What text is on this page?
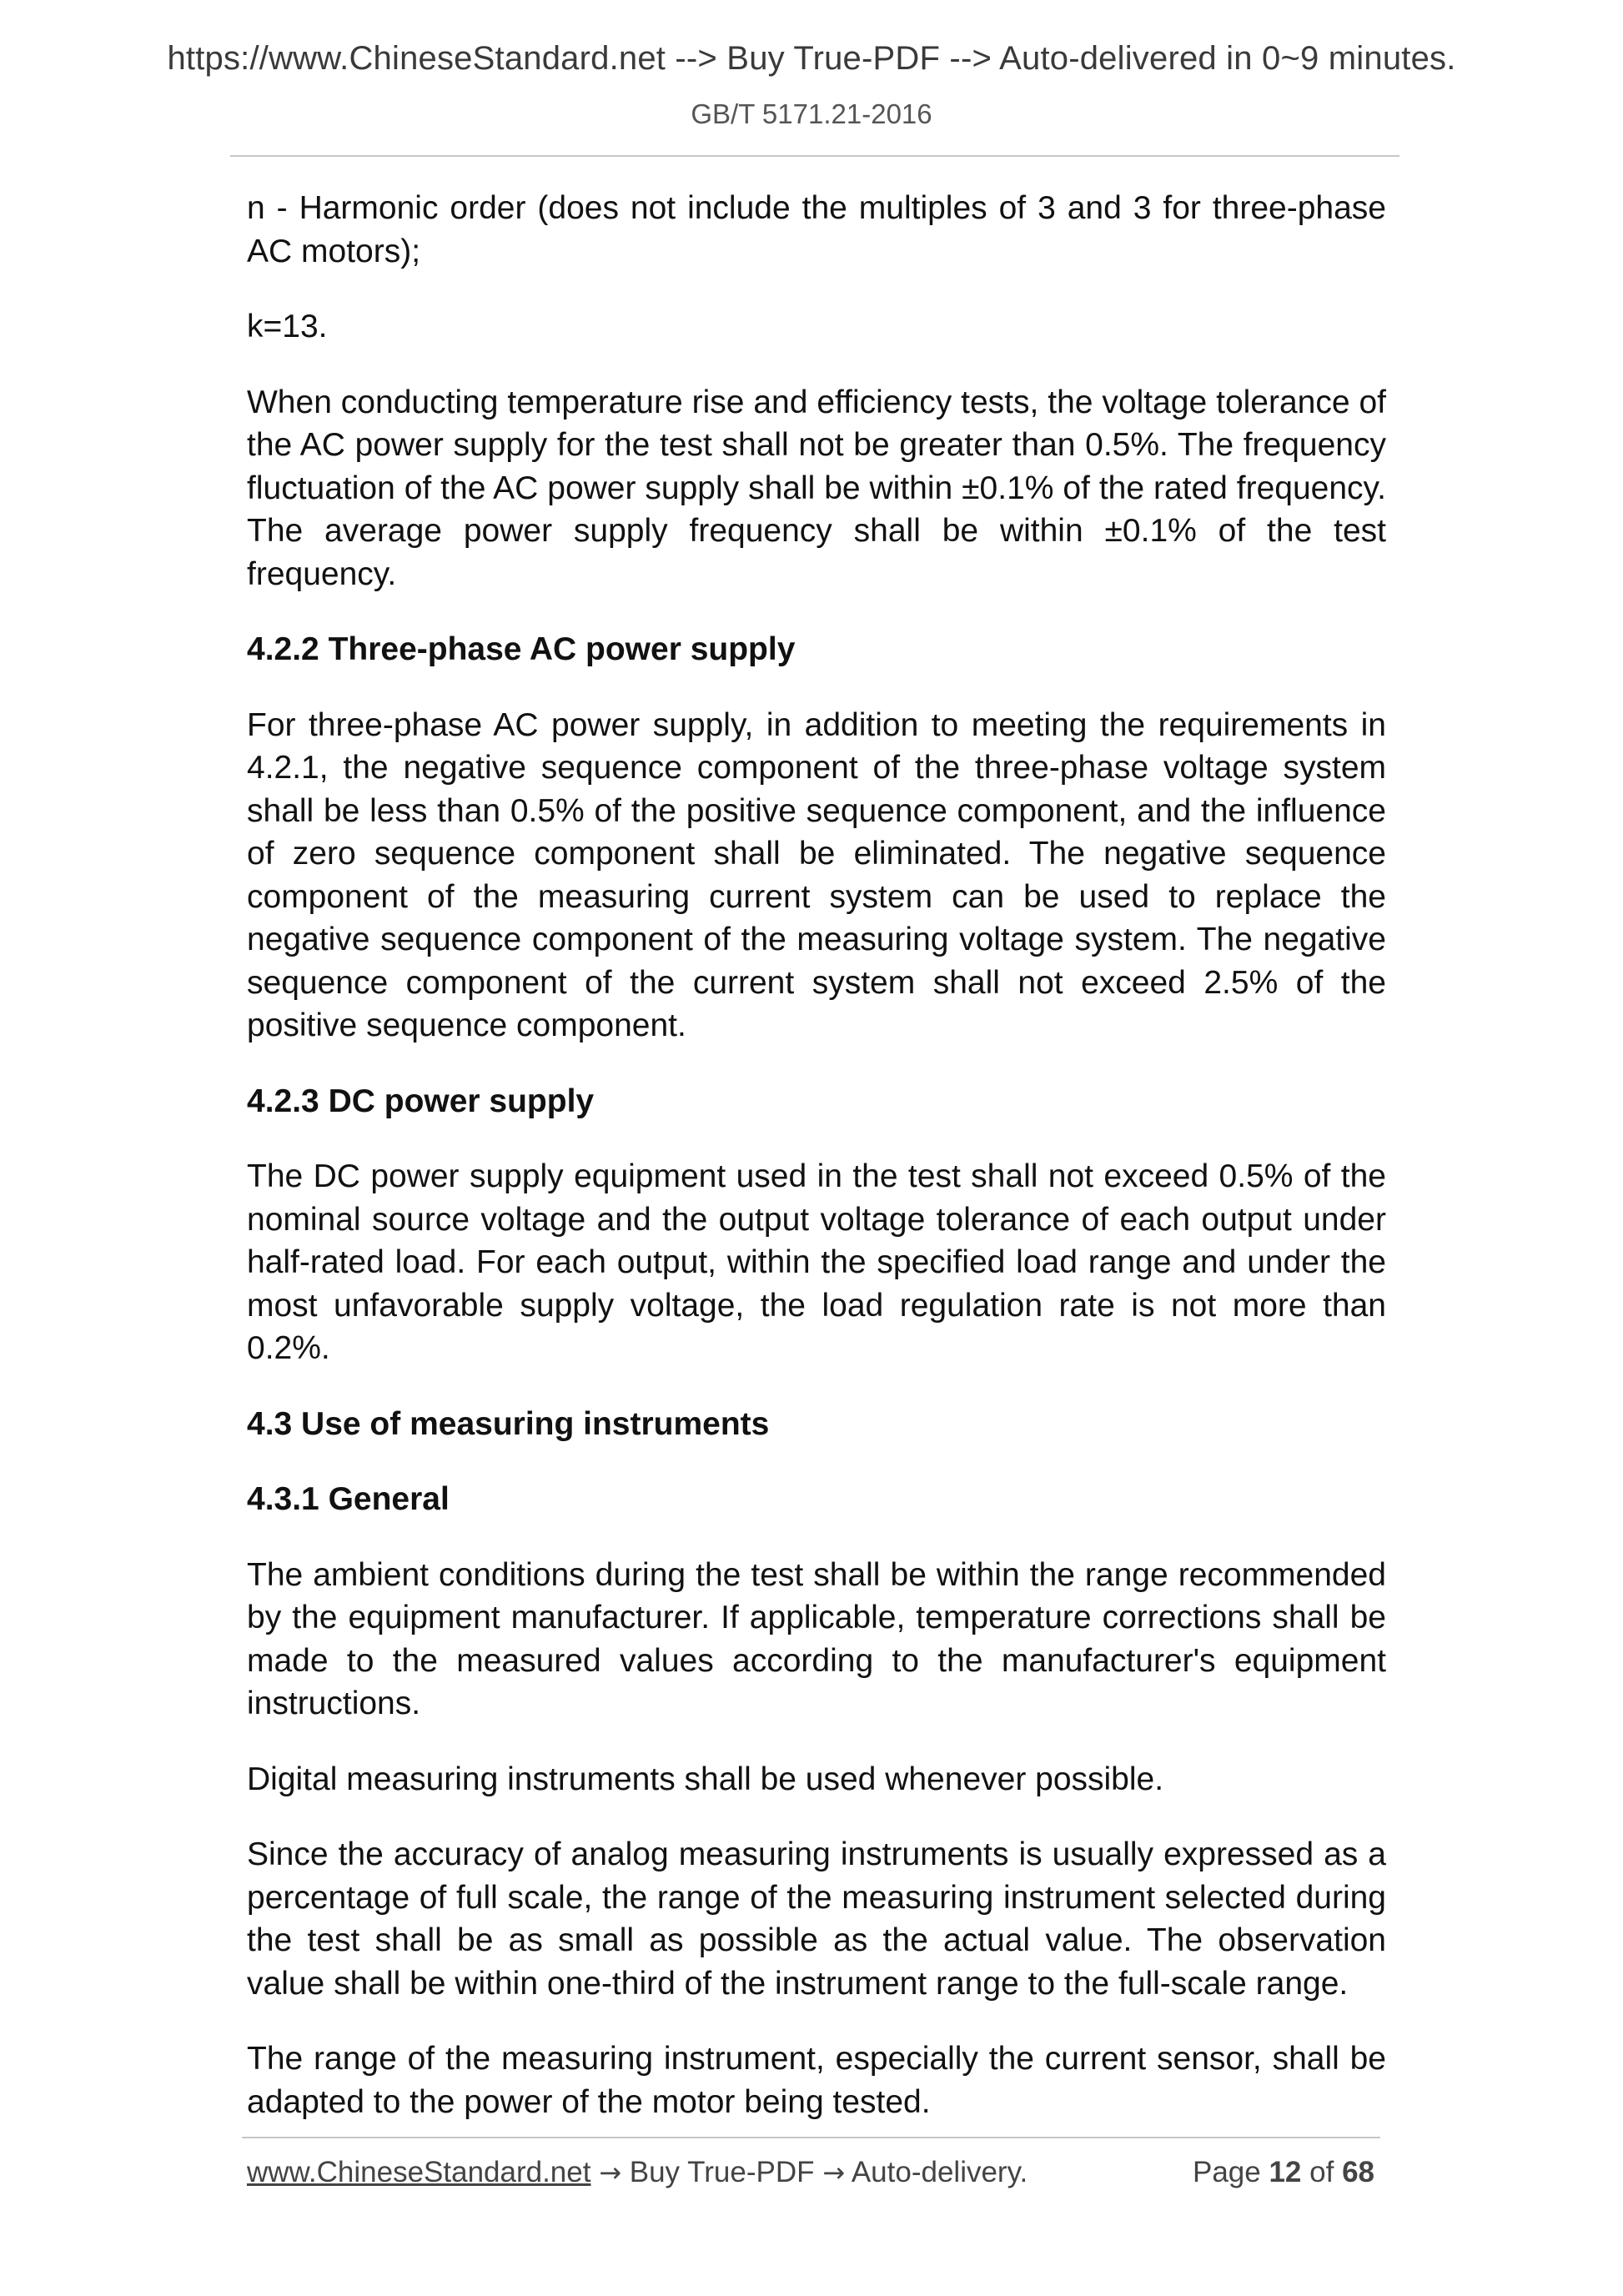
https://www.ChineseStandard.net --> Buy True-PDF --> Auto-delivered in 0~9 minutes.
GB/T 5171.21-2016

n - Harmonic order (does not include the multiples of 3 and 3 for three-phase AC motors);

k=13.

When conducting temperature rise and efficiency tests, the voltage tolerance of the AC power supply for the test shall not be greater than 0.5%. The frequency fluctuation of the AC power supply shall be within ±0.1% of the rated frequency. The average power supply frequency shall be within ±0.1% of the test frequency.

4.2.2 Three-phase AC power supply

For three-phase AC power supply, in addition to meeting the requirements in 4.2.1, the negative sequence component of the three-phase voltage system shall be less than 0.5% of the positive sequence component, and the influence of zero sequence component shall be eliminated. The negative sequence component of the measuring current system can be used to replace the negative sequence component of the measuring voltage system. The negative sequence component of the current system shall not exceed 2.5% of the positive sequence component.

4.2.3 DC power supply

The DC power supply equipment used in the test shall not exceed 0.5% of the nominal source voltage and the output voltage tolerance of each output under half-rated load. For each output, within the specified load range and under the most unfavorable supply voltage, the load regulation rate is not more than 0.2%.

4.3 Use of measuring instruments
4.3.1 General

The ambient conditions during the test shall be within the range recommended by the equipment manufacturer. If applicable, temperature corrections shall be made to the measured values according to the manufacturer's equipment instructions.

Digital measuring instruments shall be used whenever possible.

Since the accuracy of analog measuring instruments is usually expressed as a percentage of full scale, the range of the measuring instrument selected during the test shall be as small as possible as the actual value. The observation value shall be within one-third of the instrument range to the full-scale range.

The range of the measuring instrument, especially the current sensor, shall be adapted to the power of the motor being tested.

www.ChineseStandard.net → Buy True-PDF → Auto-delivery.	Page 12 of 68
